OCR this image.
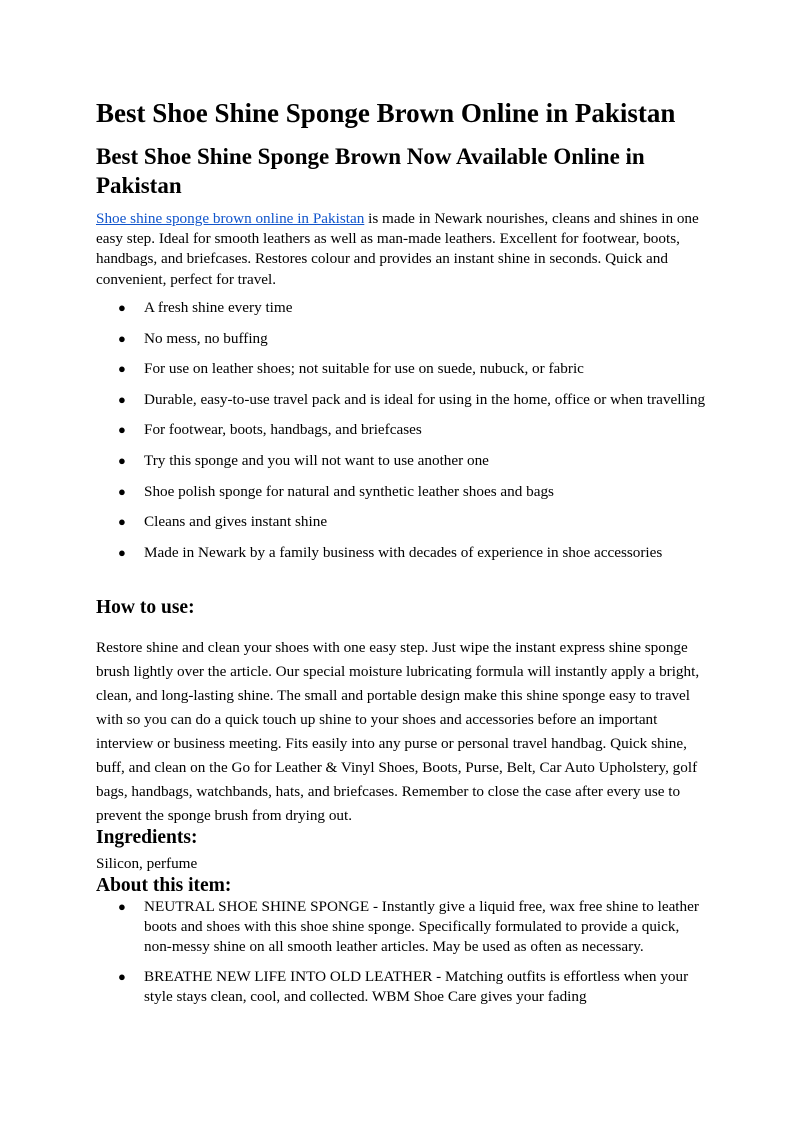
Best Shoe Shine Sponge Brown Online in Pakistan
Best Shoe Shine Sponge Brown Now Available Online in Pakistan

Shoe shine sponge brown online in Pakistan is made in Newark nourishes, cleans and shines in one easy step. Ideal for smooth leathers as well as man-made leathers. Excellent for footwear, boots, handbags, and briefcases. Restores colour and provides an instant shine in seconds. Quick and convenient, perfect for travel.

● A fresh shine every time
● No mess, no buffing
● For use on leather shoes; not suitable for use on suede, nubuck, or fabric
● Durable, easy-to-use travel pack and is ideal for using in the home, office or when travelling
● For footwear, boots, handbags, and briefcases
● Try this sponge and you will not want to use another one
● Shoe polish sponge for natural and synthetic leather shoes and bags
● Cleans and gives instant shine
● Made in Newark by a family business with decades of experience in shoe accessories
How to use:

Restore shine and clean your shoes with one easy step. Just wipe the instant express shine sponge brush lightly over the article. Our special moisture lubricating formula will instantly apply a bright, clean, and long-lasting shine. The small and portable design make this shine sponge easy to travel with so you can do a quick touch up shine to your shoes and accessories before an important interview or business meeting. Fits easily into any purse or personal travel handbag. Quick shine, buff, and clean on the Go for Leather & Vinyl Shoes, Boots, Purse, Belt, Car Auto Upholstery, golf bags, handbags, watchbands, hats, and briefcases. Remember to close the case after every use to prevent the sponge brush from drying out.

Ingredients:

Silicon, perfume

About this item:
● NEUTRAL SHOE SHINE SPONGE - Instantly give a liquid free, wax free shine to leather boots and shoes with this shoe shine sponge. Specifically formulated to provide a quick, non-messy shine on all smooth leather articles. May be used as often as necessary.
● BREATHE NEW LIFE INTO OLD LEATHER - Matching outfits is effortless when your style stays clean, cool, and collected. WBM Shoe Care gives your fading
